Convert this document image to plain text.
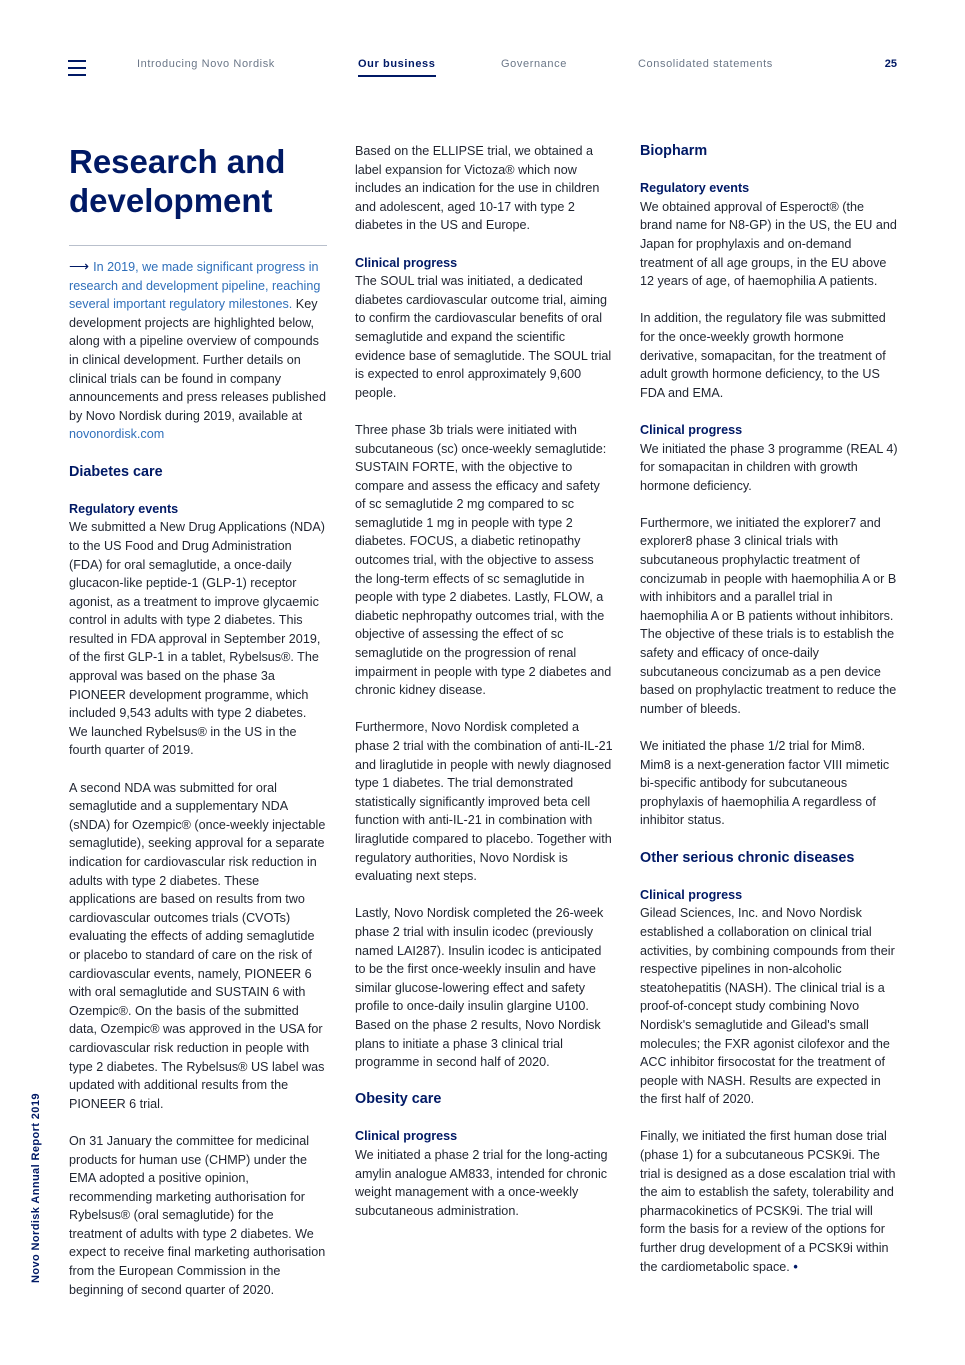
Introducing Novo Nordisk	Our business	Governance	Consolidated statements	25
Novo Nordisk Annual Report 2019
Research and
development

⟶ In 2019, we made significant progress in research and development pipeline, reaching several important regulatory milestones. Key development projects are highlighted below, along with a pipeline overview of compounds in clinical development. Further details on clinical trials can be found in company announcements and press releases published by Novo Nordisk during 2019, available at novonordisk.com

Diabetes care
Regulatory events

We submitted a New Drug Applications (NDA) to the US Food and Drug Administration (FDA) for oral semaglutide, a once-daily glucacon-like peptide-1 (GLP-1) receptor agonist, as a treatment to improve glycaemic control in adults with type 2 diabetes. This resulted in FDA approval in September 2019, of the first GLP-1 in a tablet, Rybelsus®. The approval was based on the phase 3a PIONEER development programme, which included 9,543 adults with type 2 diabetes. We launched Rybelsus® in the US in the fourth quarter of 2019.

A second NDA was submitted for oral semaglutide and a supplementary NDA (sNDA) for Ozempic® (once-weekly injectable semaglutide), seeking approval for a separate indication for cardiovascular risk reduction in adults with type 2 diabetes. These applications are based on results from two cardiovascular outcomes trials (CVOTs) evaluating the effects of adding semaglutide or placebo to standard of care on the risk of cardiovascular events, namely, PIONEER 6 with oral semaglutide and SUSTAIN 6 with Ozempic®. On the basis of the submitted data, Ozempic® was approved in the USA for cardiovascular risk reduction in people with type 2 diabetes. The Rybelsus® US label was updated with additional results from the PIONEER 6 trial.

On 31 January the committee for medicinal products for human use (CHMP) under the EMA adopted a positive opinion, recommending marketing authorisation for Rybelsus® (oral semaglutide) for the treatment of adults with type 2 diabetes. We expect to receive final marketing authorisation from the European Commission in the beginning of second quarter of 2020.

Based on the ELLIPSE trial, we obtained a label expansion for Victoza® which now includes an indication for the use in children and adolescent, aged 10-17 with type 2 diabetes in the US and Europe.

Clinical progress

The SOUL trial was initiated, a dedicated diabetes cardiovascular outcome trial, aiming to confirm the cardiovascular benefits of oral semaglutide and expand the scientific evidence base of semaglutide. The SOUL trial is expected to enrol approximately 9,600 people.

Three phase 3b trials were initiated with subcutaneous (sc) once-weekly semaglutide: SUSTAIN FORTE, with the objective to compare and assess the efficacy and safety of sc semaglutide 2 mg compared to sc semaglutide 1 mg in people with type 2 diabetes. FOCUS, a diabetic retinopathy outcomes trial, with the objective to assess the long-term effects of sc semaglutide in people with type 2 diabetes. Lastly, FLOW, a diabetic nephropathy outcomes trial, with the objective of assessing the effect of sc semaglutide on the progression of renal impairment in people with type 2 diabetes and chronic kidney disease.

Furthermore, Novo Nordisk completed a phase 2 trial with the combination of anti-IL-21 and liraglutide in people with newly diagnosed type 1 diabetes. The trial demonstrated statistically significantly improved beta cell function with anti-IL-21 in combination with liraglutide compared to placebo. Together with regulatory authorities, Novo Nordisk is evaluating next steps.

Lastly, Novo Nordisk completed the 26-week phase 2 trial with insulin icodec (previously named LAI287). Insulin icodec is anticipated to be the first once-weekly insulin and have similar glucose-lowering effect and safety profile to once-daily insulin glargine U100. Based on the phase 2 results, Novo Nordisk plans to initiate a phase 3 clinical trial programme in second half of 2020.

Obesity care
Clinical progress

We initiated a phase 2 trial for the long-acting amylin analogue AM833, intended for chronic weight management with a once-weekly subcutaneous administration.

Biopharm
Regulatory events

We obtained approval of Esperoct® (the brand name for N8-GP) in the US, the EU and Japan for prophylaxis and on-demand treatment of all age groups, in the EU above 12 years of age, of haemophilia A patients.

In addition, the regulatory file was submitted for the once-weekly growth hormone derivative, somapacitan, for the treatment of adult growth hormone deficiency, to the US FDA and EMA.

Clinical progress

We initiated the phase 3 programme (REAL 4) for somapacitan in children with growth hormone deficiency.

Furthermore, we initiated the explorer7 and explorer8 phase 3 clinical trials with subcutaneous prophylactic treatment of concizumab in people with haemophilia A or B with inhibitors and a parallel trial in haemophilia A or B patients without inhibitors. The objective of these trials is to establish the safety and efficacy of once-daily subcutaneous concizumab as a pen device based on prophylactic treatment to reduce the number of bleeds.

We initiated the phase 1/2 trial for Mim8. Mim8 is a next-generation factor VIII mimetic bi-specific antibody for subcutaneous prophylaxis of haemophilia A regardless of inhibitor status.

Other serious chronic diseases
Clinical progress

Gilead Sciences, Inc. and Novo Nordisk established a collaboration on clinical trial activities, by combining compounds from their respective pipelines in non-alcoholic steatohepatitis (NASH). The clinical trial is a proof-of-concept study combining Novo Nordisk's semaglutide and Gilead's small molecules; the FXR agonist cilofexor and the ACC inhibitor firsocostat for the treatment of people with NASH. Results are expected in the first half of 2020.

Finally, we initiated the first human dose trial (phase 1) for a subcutaneous PCSK9i. The trial is designed as a dose escalation trial with the aim to establish the safety, tolerability and pharmacokinetics of PCSK9i. The trial will form the basis for a review of the options for further drug development of a PCSK9i within the cardiometabolic space. •
